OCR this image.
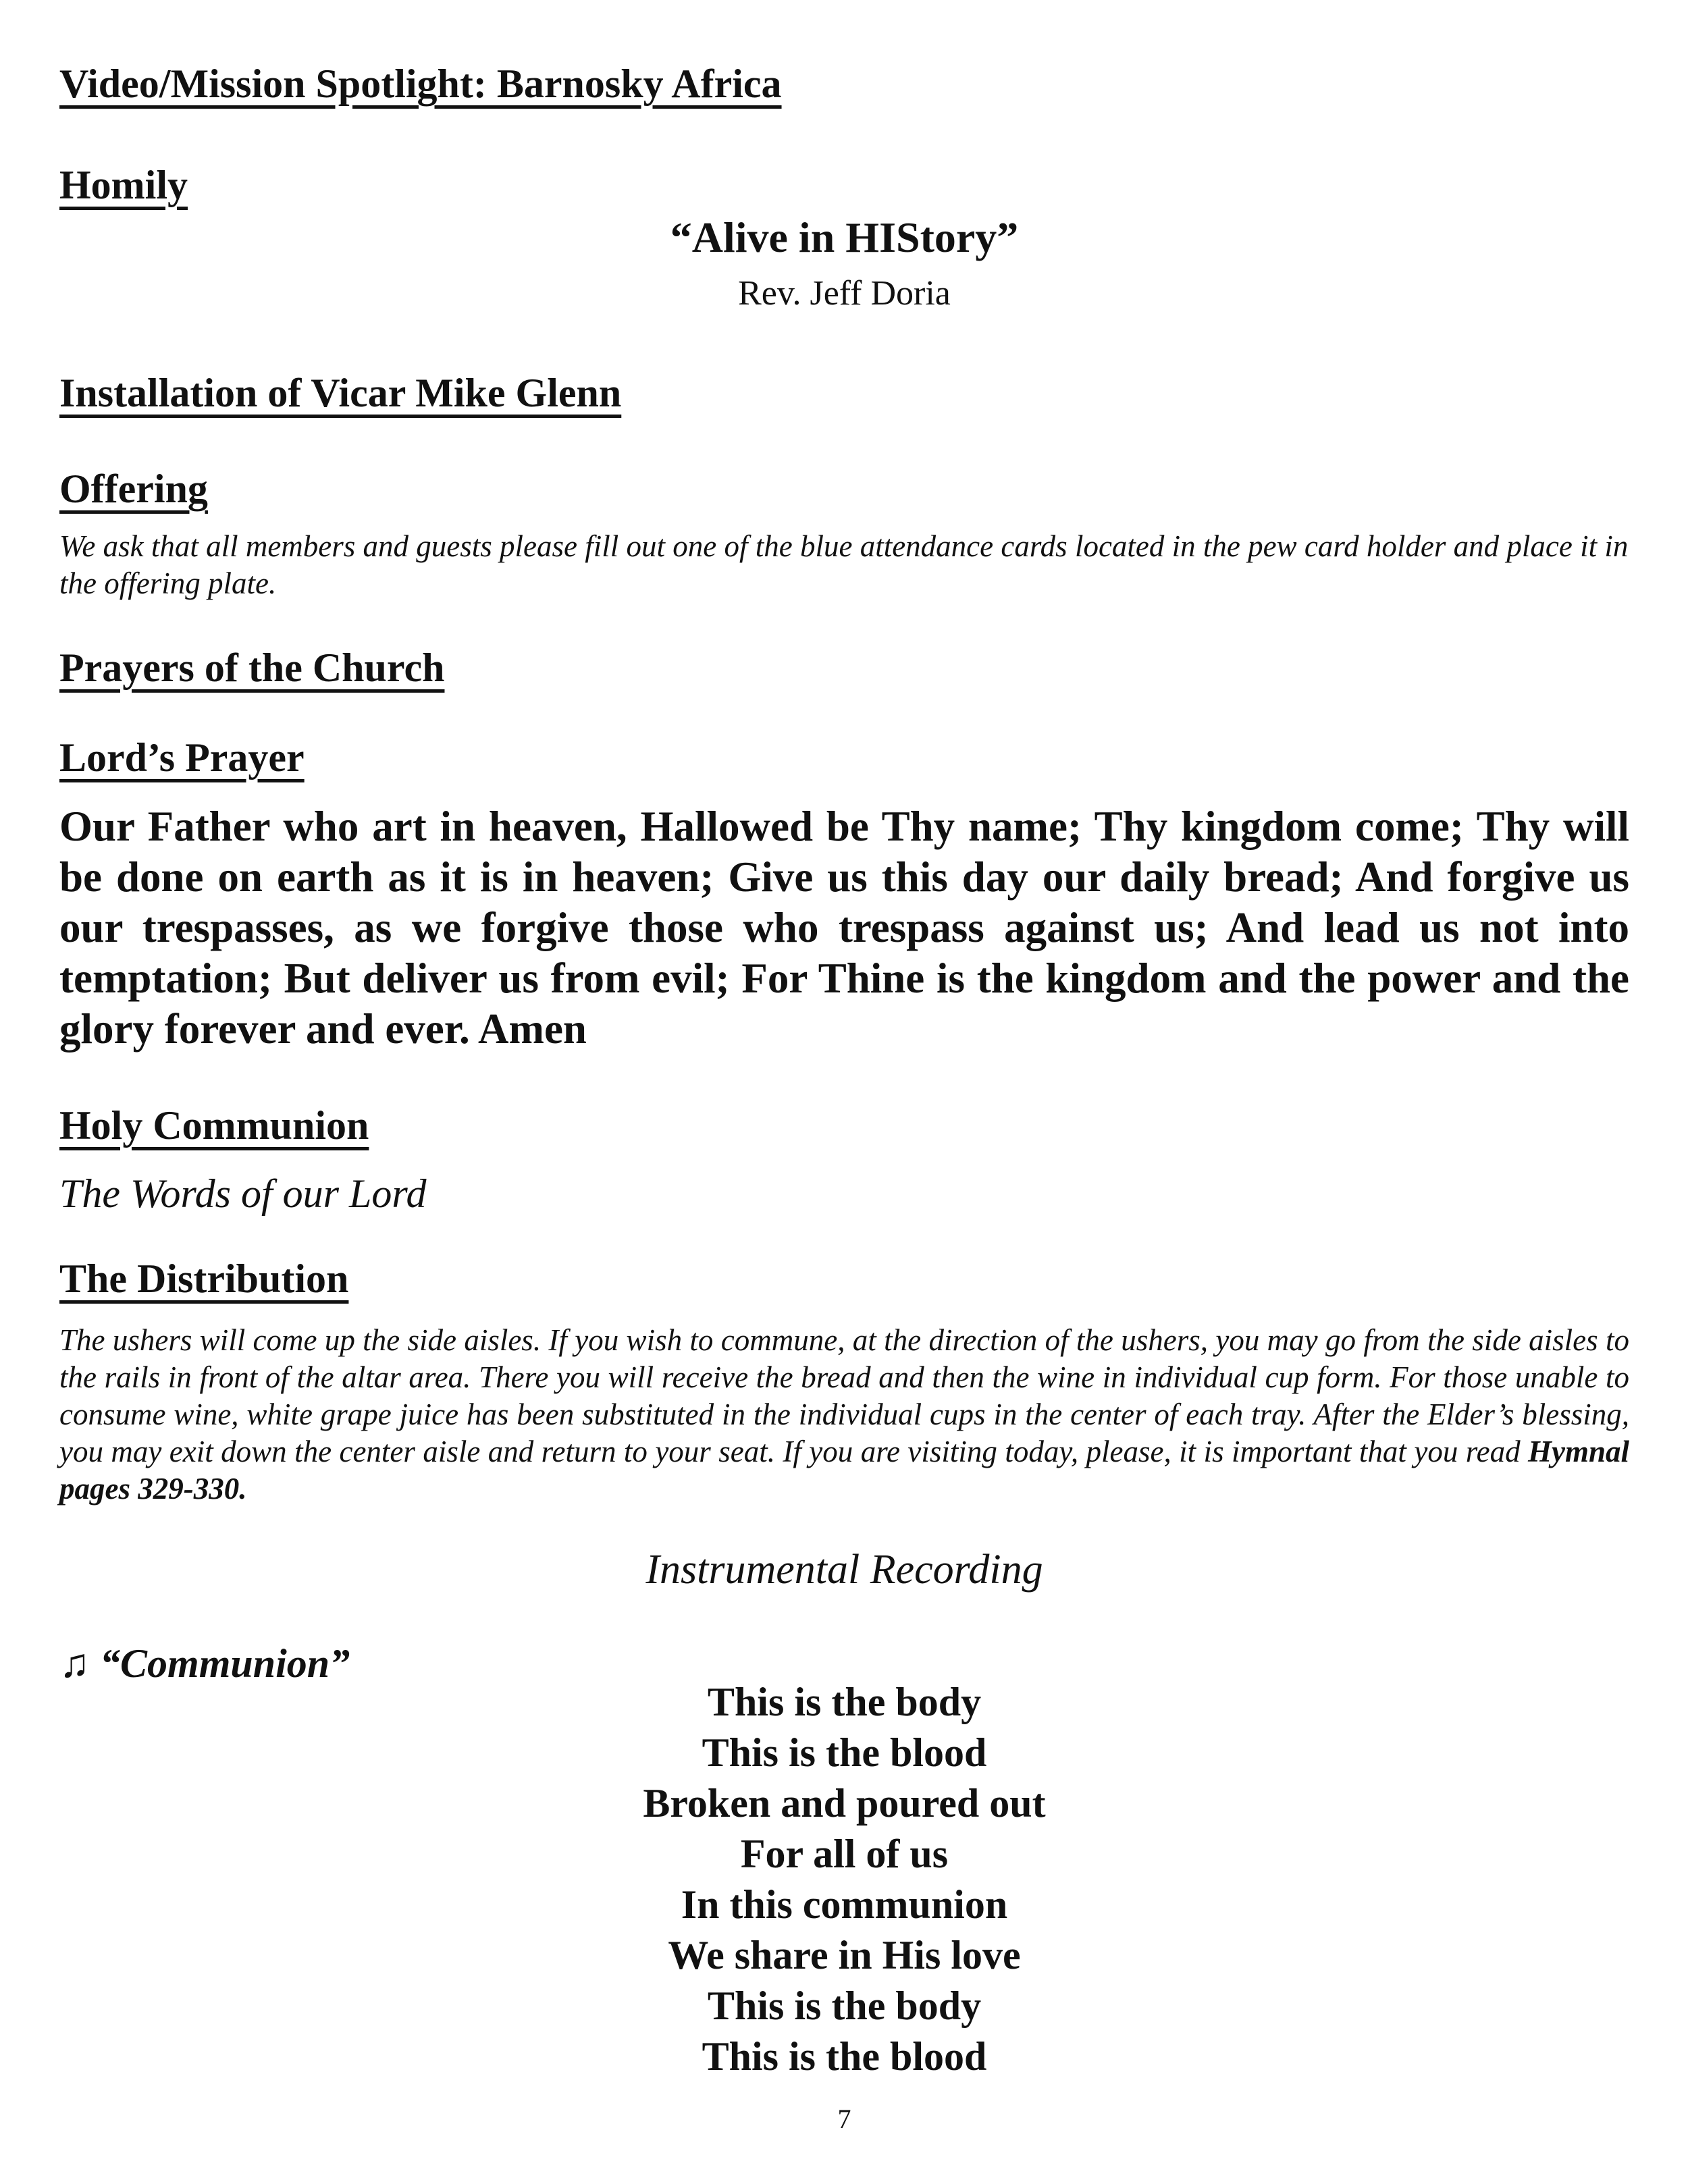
Video/Mission Spotlight: Barnosky Africa
Homily

“Alive in HIStory”

Rev. Jeff Doria

Installation of Vicar Mike Glenn
Offering

We ask that all members and guests please fill out one of the blue attendance cards located in the pew card holder and place it in the offering plate.

Prayers of the Church
Lord’s Prayer

Our Father who art in heaven, Hallowed be Thy name; Thy kingdom come; Thy will be done on earth as it is in heaven; Give us this day our daily bread; And forgive us our trespasses, as we forgive those who trespass against us; And lead us not into temptation; But deliver us from evil; For Thine is the kingdom and the power and the glory forever and ever. Amen

Holy Communion

The Words of our Lord

The Distribution

The ushers will come up the side aisles. If you wish to commune, at the direction of the ushers, you may go from the side aisles to the rails in front of the altar area. There you will receive the bread and then the wine in individual cup form. For those unable to consume wine, white grape juice has been substituted in the individual cups in the center of each tray. After the Elder’s blessing, you may exit down the center aisle and return to your seat. If you are visiting today, please, it is important that you read Hymnal pages 329-330.

Instrumental Recording

♫ “Communion”

This is the body
This is the blood
Broken and poured out
For all of us
In this communion
We share in His love
This is the body
This is the blood
7
